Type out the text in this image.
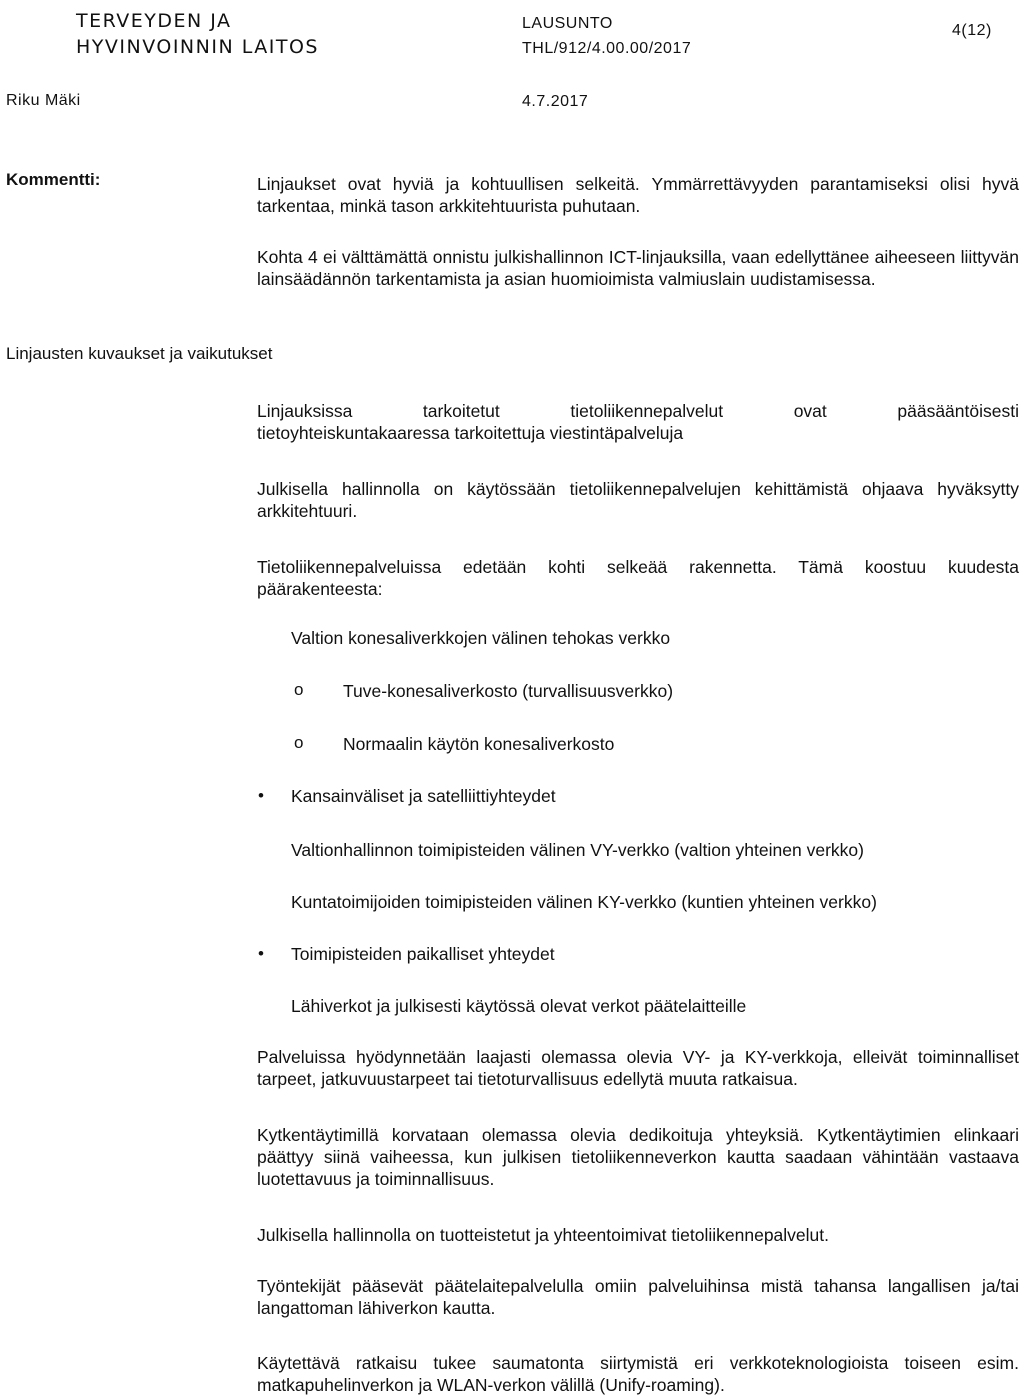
TERVEYDEN JA
HYVINVOINNIN LAITOS
LAUSUNTO
THL/912/4.00.00/2017
4(12)
Riku Mäki	4.7.2017
Kommentti:
Linjausten kuvaukset ja vaikutukset
Linjaukset ovat hyviä ja kohtuullisen selkeitä. Ymmärrettävyyden parantamiseksi olisi hyvä tarkentaa, minkä tason arkkitehtuurista puhutaan.
Kohta 4 ei välttämättä onnistu julkishallinnon ICT-linjauksilla, vaan edellyttänee aiheeseen liittyvän lainsäädännön tarkentamista ja asian huomioimista valmiuslain uudistamisessa.
Linjauksissa tarkoitetut tietoliikennepalvelut ovat pääsääntöisesti
tietoyhteiskuntakaaressa tarkoitettuja viestintäpalveluja
Julkisella hallinnolla on käytössään tietoliikennepalvelujen kehittämistä ohjaava hyväksytty arkkitehtuuri.
Tietoliikennepalveluissa edetään kohti selkeää rakennetta. Tämä koostuu kuudesta päärakenteesta:
Valtion konesaliverkkojen välinen tehokas verkko
o Tuve-konesaliverkosto (turvallisuusverkko)
o Normaalin käytön konesaliverkosto
• Kansainväliset ja satelliittiyhteydet
Valtionhallinnon toimipisteiden välinen VY-verkko (valtion yhteinen verkko)
Kuntatoimijoiden toimipisteiden välinen KY-verkko (kuntien yhteinen verkko)
• Toimipisteiden paikalliset yhteydet
Lähiverkot ja julkisesti käytössä olevat verkot päätelaitteille
Palveluissa hyödynnetään laajasti olemassa olevia VY- ja KY-verkkoja, elleivät toiminnalliset tarpeet, jatkuvuustarpeet tai tietoturvallisuus edellytä muuta ratkaisua.
Kytkentäytimillä korvataan olemassa olevia dedikoituja yhteyksiä. Kytkentäytimien elinkaari päättyy siinä vaiheessa, kun julkisen tietoliikenneverkon kautta saadaan vähintään vastaava luotettavuus ja toiminnallisuus.
Julkisella hallinnolla on tuotteistetut ja yhteentoimivat tietoliikennepalvelut.
Työntekijät pääsevät päätelaitepalvelulla omiin palveluihinsa mistä tahansa langallisen ja/tai langattoman lähiverkon kautta.
Käytettävä ratkaisu tukee saumatonta siirtymistä eri verkkoteknologioista toiseen esim. matkapuhelinverkon ja WLAN-verkon välillä (Unify-roaming).
